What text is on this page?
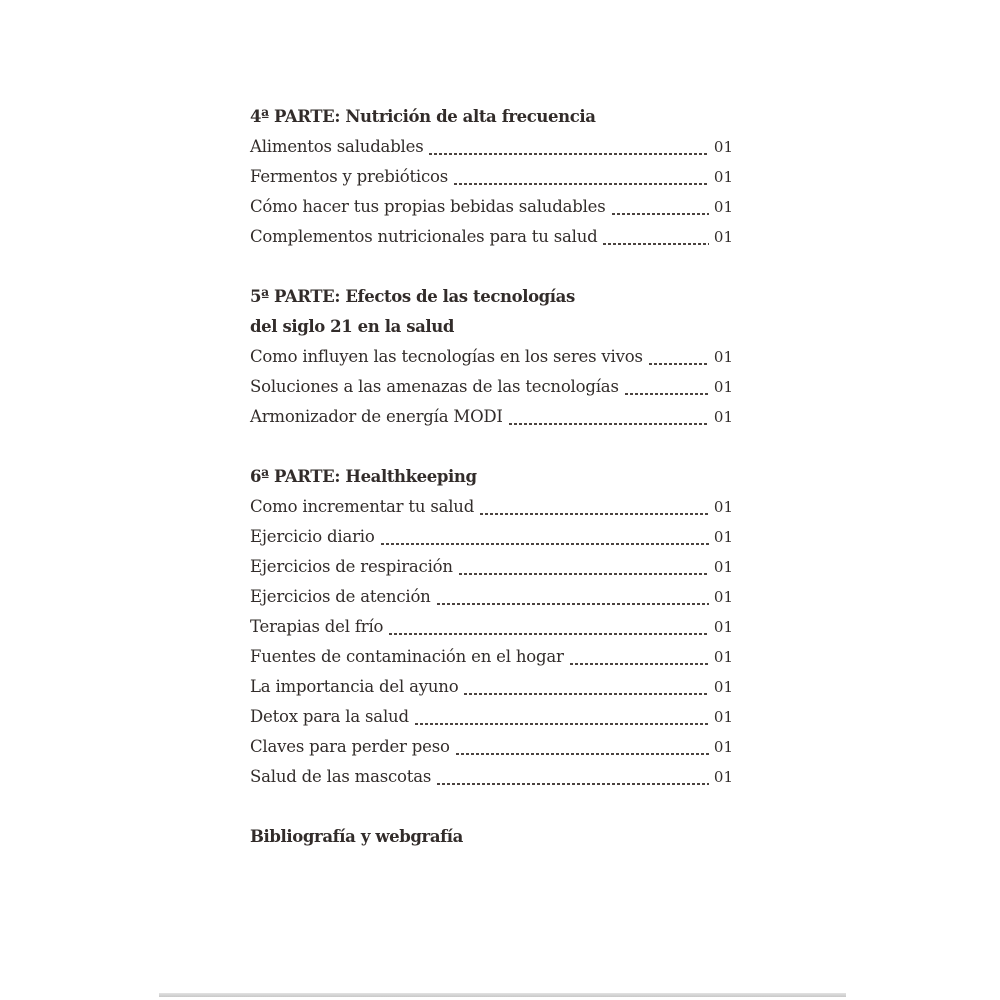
4ª PARTE: Nutrición de alta frecuencia
Alimentos saludables	01
Fermentos y prebióticos	01
Cómo hacer tus propias bebidas saludables	01
Complementos nutricionales para tu salud	01
5ª PARTE: Efectos de las tecnologías
del siglo 21 en la salud
Como influyen las tecnologías en los seres vivos	01
Soluciones a las amenazas de las tecnologías	01
Armonizador de energía MODI	01
6ª PARTE: Healthkeeping
Como incrementar tu salud	01
Ejercicio diario	01
Ejercicios de respiración	01
Ejercicios de atención	01
Terapias del frío	01
Fuentes de contaminación en el hogar	01
La importancia del ayuno	01
Detox para la salud	01
Claves para perder peso	01
Salud de las mascotas	01
Bibliografía y webgrafía
